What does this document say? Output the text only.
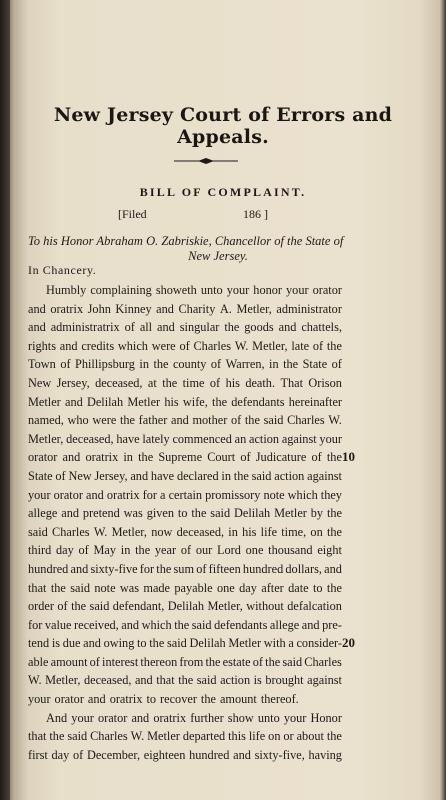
New Jersey Court of Errors and Appeals.
BILL OF COMPLAINT.
[Filed	186 ]
To his Honor Abraham O. Zabriskie, Chancellor of the State of
New Jersey.
In Chancery.
Humbly complaining showeth unto your honor your orator
and oratrix John Kinney and Charity A. Metler, administrator
and administratrix of all and singular the goods and chattels,
rights and credits which were of Charles W. Metler, late of the
Town of Phillipsburg in the county of Warren, in the State of
New Jersey, deceased, at the time of his death. That Orison
Metler and Delilah Metler his wife, the defendants hereinafter
named, who were the father and mother of the said Charles W.
Metler, deceased, have lately commenced an action against your
orator and oratrix in the Supreme Court of Judicature of the
State of New Jersey, and have declared in the said action against
your orator and oratrix for a certain promissory note which they
allege and pretend was given to the said Delilah Metler by the
said Charles W. Metler, now deceased, in his life time, on the
third day of May in the year of our Lord one thousand eight
hundred and sixty-five for the sum of fifteen hundred dollars, and
that the said note was made payable one day after date to the
order of the said defendant, Delilah Metler, without defalcation
for value received, and which the said defendants allege and pre-
tend is due and owing to the said Delilah Metler with a consider-
able amount of interest thereon from the estate of the said Charles
W. Metler, deceased, and that the said action is brought against
your orator and oratrix to recover the amount thereof.
And your orator and oratrix further show unto your Honor
that the said Charles W. Metler departed this life on or about the
first day of December, eighteen hundred and sixty-five, having
10
20
